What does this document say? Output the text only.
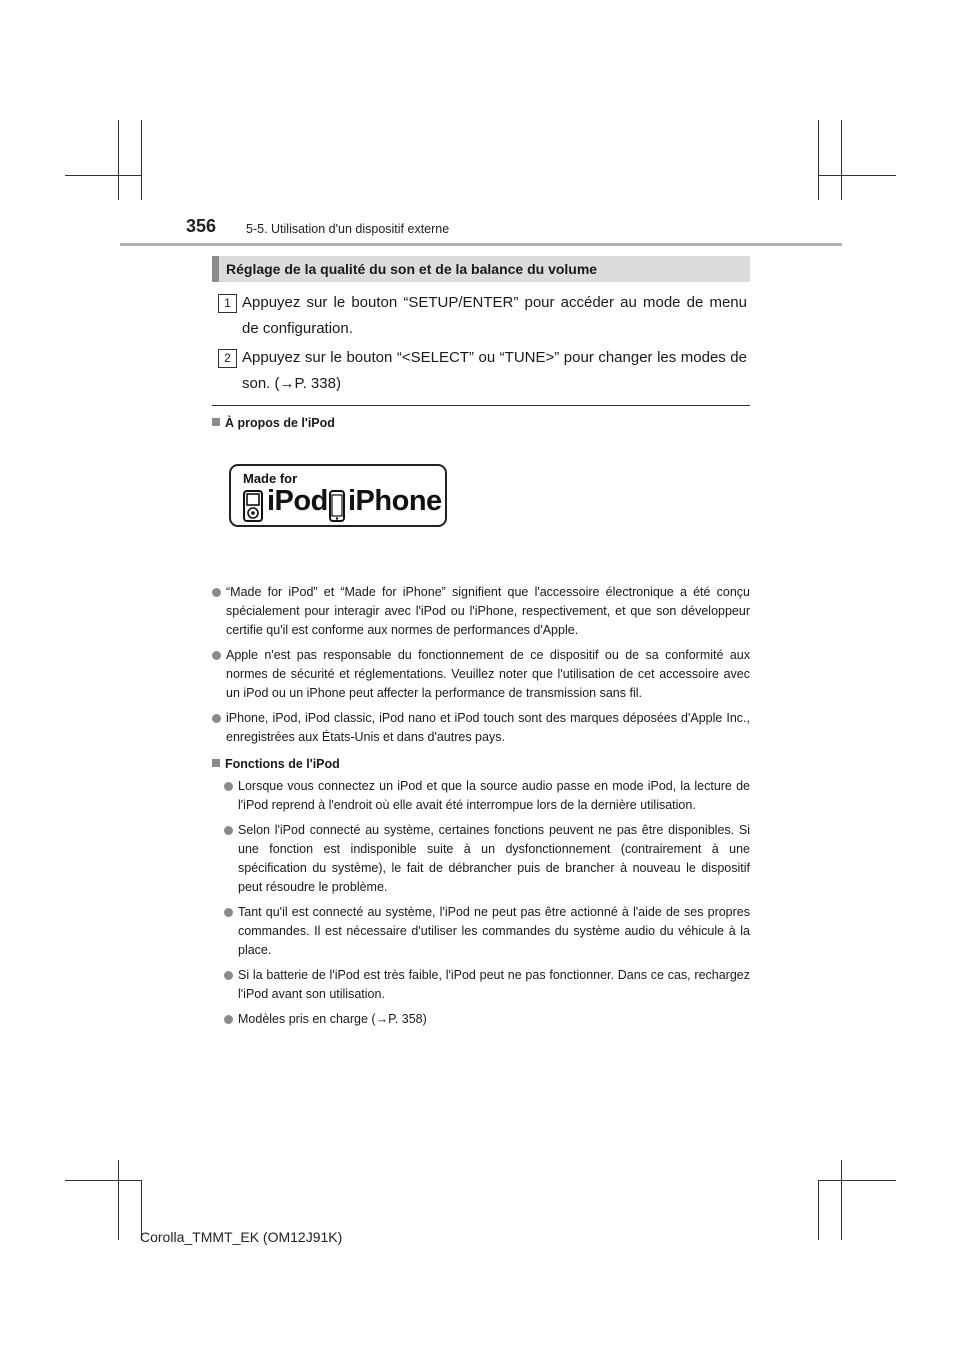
356 5-5. Utilisation d'un dispositif externe
Réglage de la qualité du son et de la balance du volume
1 Appuyez sur le bouton “SETUP/ENTER” pour accéder au mode de menu de configuration.
2 Appuyez sur le bouton “<SELECT” ou “TUNE>” pour changer les modes de son. (→P. 338)
À propos de l'iPod
Made for
iPod iPhone
“Made for iPod” et “Made for iPhone” signifient que l'accessoire électronique a été conçu spécialement pour interagir avec l'iPod ou l'iPhone, respectivement, et que son développeur certifie qu'il est conforme aux normes de performances d'Apple.
Apple n'est pas responsable du fonctionnement de ce dispositif ou de sa conformité aux normes de sécurité et réglementations. Veuillez noter que l'utilisation de cet accessoire avec un iPod ou un iPhone peut affecter la performance de transmission sans fil.
iPhone, iPod, iPod classic, iPod nano et iPod touch sont des marques déposées d'Apple Inc., enregistrées aux États-Unis et dans d'autres pays.
Fonctions de l'iPod
Lorsque vous connectez un iPod et que la source audio passe en mode iPod, la lecture de l'iPod reprend à l'endroit où elle avait été interrompue lors de la dernière utilisation.
Selon l'iPod connecté au système, certaines fonctions peuvent ne pas être disponibles. Si une fonction est indisponible suite à un dysfonctionnement (contrairement à une spécification du système), le fait de débrancher puis de brancher à nouveau le dispositif peut résoudre le problème.
Tant qu'il est connecté au système, l'iPod ne peut pas être actionné à l'aide de ses propres commandes. Il est nécessaire d'utiliser les commandes du système audio du véhicule à la place.
Si la batterie de l'iPod est très faible, l'iPod peut ne pas fonctionner. Dans ce cas, rechargez l'iPod avant son utilisation.
Modèles pris en charge (→P. 358)
Corolla_TMMT_EK (OM12J91K)
